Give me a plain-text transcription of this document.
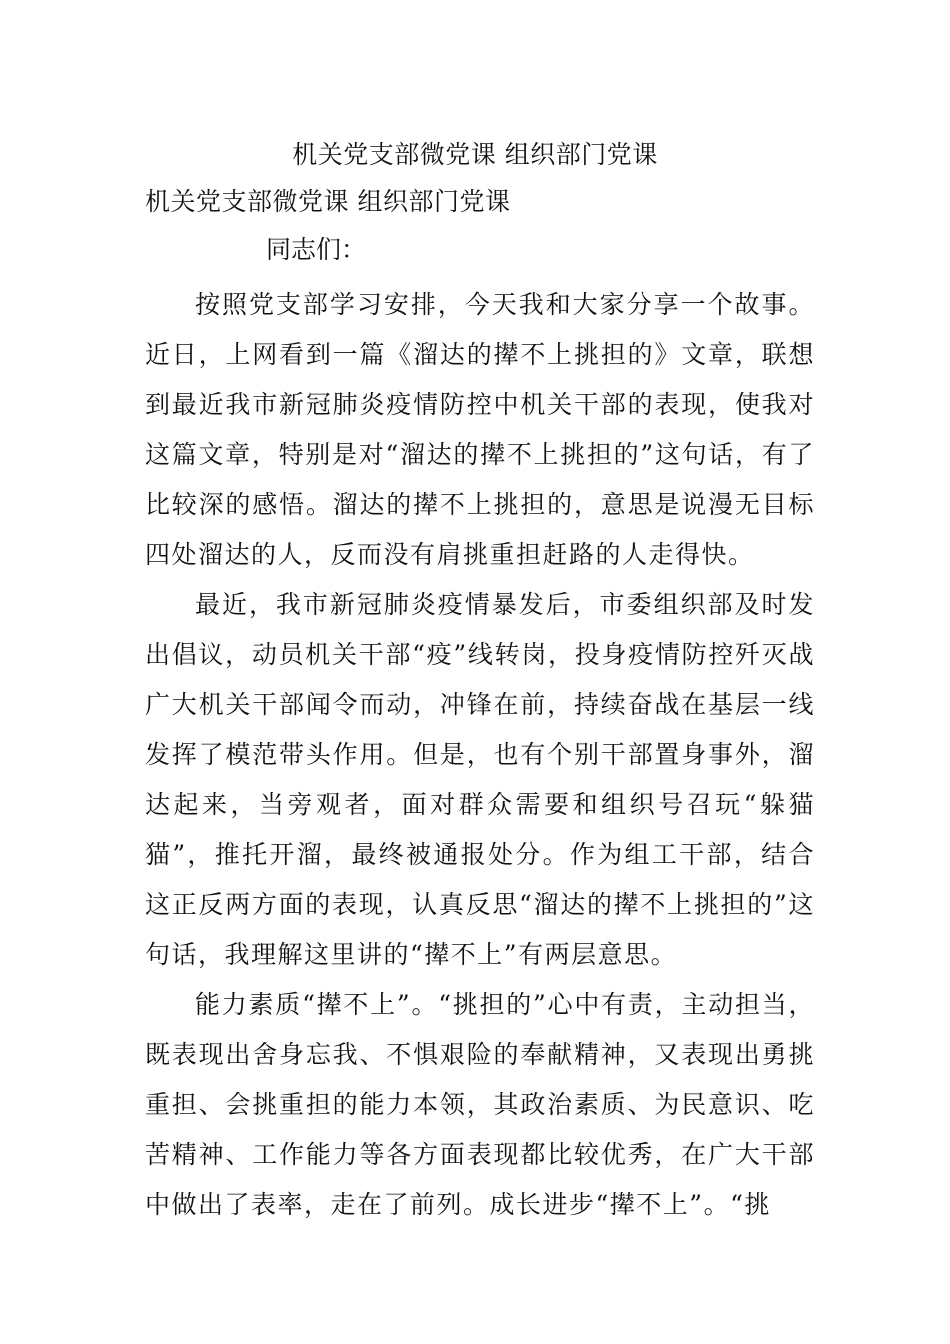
机关党支部微党课 组织部门党课
机关党支部微党课 组织部门党课
同志们：

按照党支部学习安排，今天我和大家分享一个故事。近日，上网看到一篇《溜达的撵不上挑担的》文章，联想到最近我市新冠肺炎疫情防控中机关干部的表现，使我对这篇文章，特别是对“溜达的撵不上挑担的”这句话，有了比较深的感悟。溜达的撵不上挑担的，意思是说漫无目标四处溜达的人，反而没有肩挑重担赶路的人走得快。

最近，我市新冠肺炎疫情暴发后，市委组织部及时发出倡议，动员机关干部“疫”线转岗，投身疫情防控歼灭战广大机关干部闻令而动，冲锋在前，持续奋战在基层一线发挥了模范带头作用。但是，也有个别干部置身事外，溜达起来，当旁观者，面对群众需要和组织号召玩“躲猫猫”，推托开溜，最终被通报处分。作为组工干部，结合这正反两方面的表现，认真反思“溜达的撵不上挑担的”这句话，我理解这里讲的“撵不上”有两层意思。

能力素质“撵不上”。“挑担的”心中有责，主动担当，既表现出舍身忘我、不惧艰险的奉献精神，又表现出勇挑重担、会挑重担的能力本领，其政治素质、为民意识、吃苦精神、工作能力等各方面表现都比较优秀，在广大干部中做出了表率，走在了前列。成长进步“撵不上”。“挑
